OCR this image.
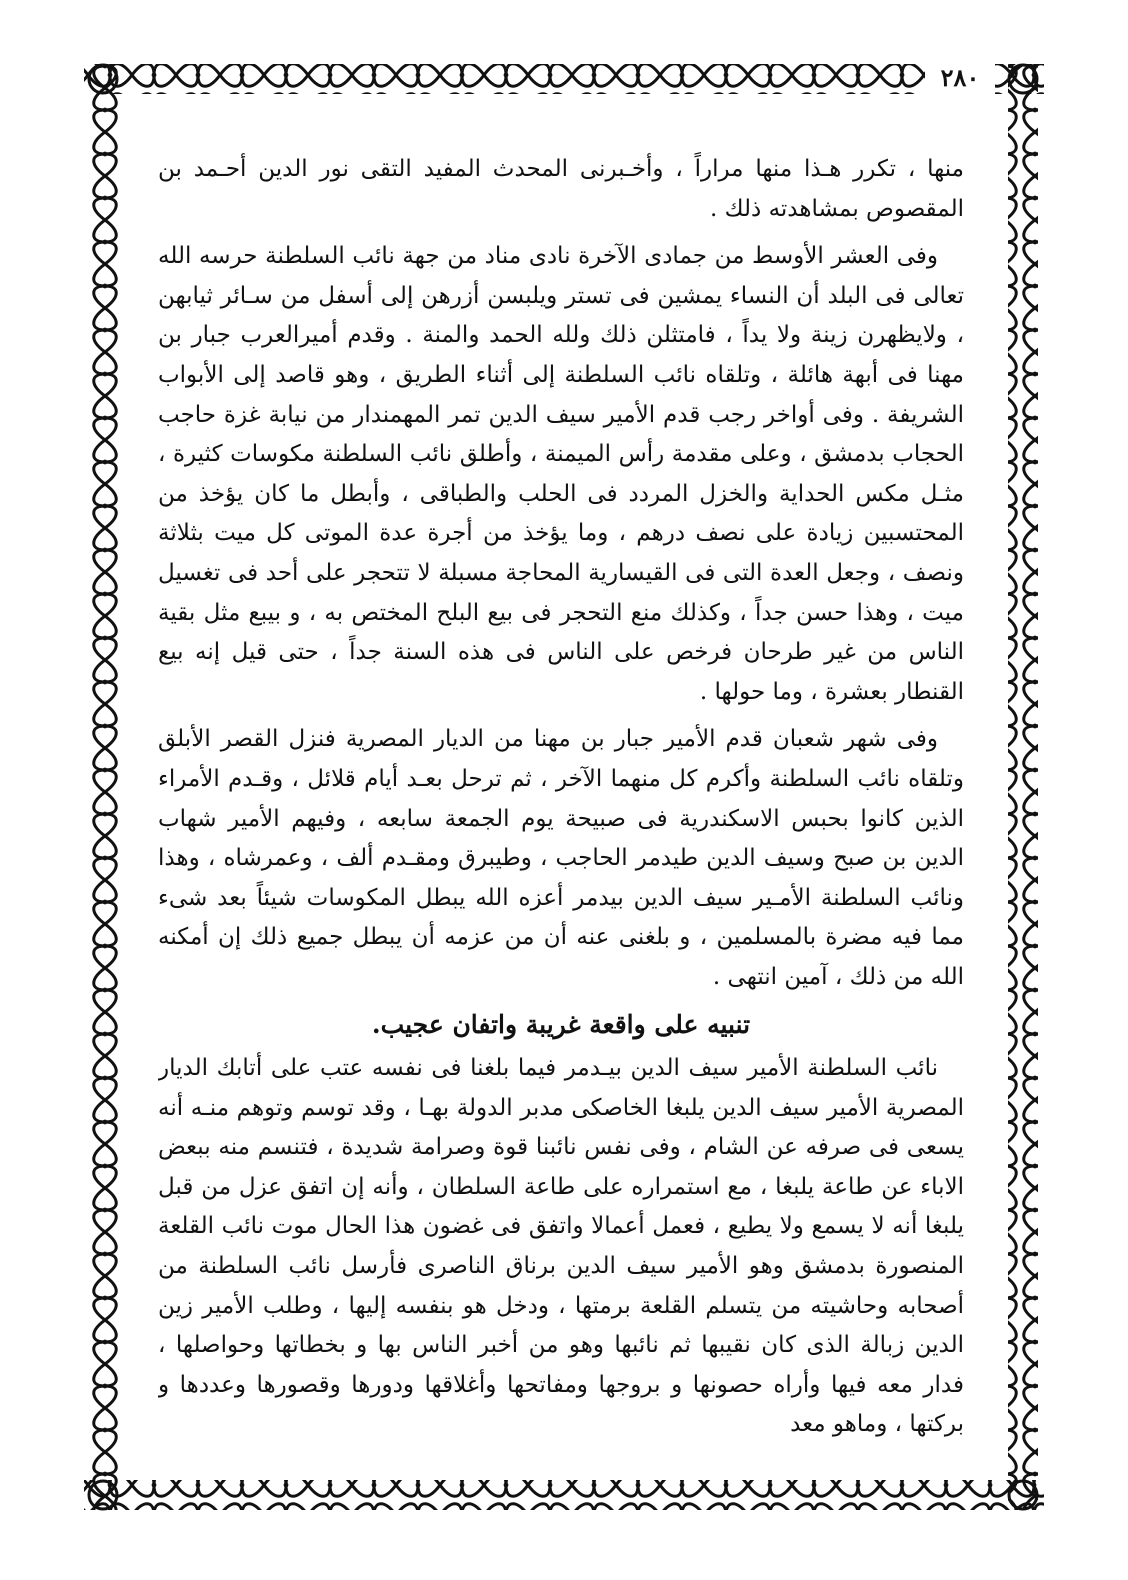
٢٨٠

منها ، تكرر هـذا منها مراراً ، وأخـبرنى المحدث المفيد التقى نور الدين أحـمد بن المقصوص بمشاهدته ذلك .

وفى العشر الأوسط من جمادى الآخرة نادى مناد من جهة نائب السلطنة حرسه الله تعالى فى البلد أن النساء يمشين فى تستر ويلبسن أزرهن إلى أسفل من سـائر ثيابهن ، ولايظهرن زينة ولا يداً ، فامتثلن ذلك ولله الحمد والمنة . وقدم أميرالعرب جبار بن مهنا فى أبهة هائلة ، وتلقاه نائب السلطنة إلى أثناء الطريق ، وهو قاصد إلى الأبواب الشريفة . وفى أواخر رجب قدم الأمير سيف الدين تمر المهمندار من نيابة غزة حاجب الحجاب بدمشق ، وعلى مقدمة رأس الميمنة ، وأطلق نائب السلطنة مكوسات كثيرة ، مثـل مكس الحداية والخزل المردد فى الحلب والطباقى ، وأبطل ما كان يؤخذ من المحتسبين زيادة على نصف درهم ، وما يؤخذ من أجرة عدة الموتى كل ميت بثلاثة ونصف ، وجعل العدة التى فى القيسارية المحاجة مسبلة لا تتحجر على أحد فى تغسيل ميت ، وهذا حسن جداً ، وكذلك منع التحجر فى بيع البلح المختص به ، و بيبع مثل بقية الناس من غير طرحان فرخص على الناس فى هذه السنة جداً ، حتى قيل إنه بيع القنطار بعشرة ، وما حولها .

وفى شهر شعبان قدم الأمير جبار بن مهنا من الديار المصرية فنزل القصر الأبلق وتلقاه نائب السلطنة وأكرم كل منهما الآخر ، ثم ترحل بعـد أيام قلائل ، وقـدم الأمراء الذين كانوا بحبس الاسكندرية فى صبيحة يوم الجمعة سابعه ، وفيهم الأمير شهاب الدين بن صبح وسيف الدين طيدمر الحاجب ، وطيبرق ومقـدم ألف ، وعمرشاه ، وهذا ونائب السلطنة الأمـير سيف الدين بيدمر أعزه الله يبطل المكوسات شيئاً بعد شىء مما فيه مضرة بالمسلمين ، و بلغنى عنه أن من عزمه أن يبطل جميع ذلك إن أمكنه الله من ذلك ، آمين انتهى .

تنبيه على واقعة غريبة واتفان عجيب.

نائب السلطنة الأمير سيف الدين بيـدمر فيما بلغنا فى نفسه عتب على أتابك الديار المصرية الأمير سيف الدين يلبغا الخاصكى مدبر الدولة بهـا ، وقد توسم وتوهم منـه أنه يسعى فى صرفه عن الشام ، وفى نفس نائبنا قوة وصرامة شديدة ، فتنسم منه ببعض الاباء عن طاعة يلبغا ، مع استمراره على طاعة السلطان ، وأنه إن اتفق عزل من قبل يلبغا أنه لا يسمع ولا يطيع ، فعمل أعمالا واتفق فى غضون هذا الحال موت نائب القلعة المنصورة بدمشق وهو الأمير سيف الدين برناق الناصرى فأرسل نائب السلطنة من أصحابه وحاشيته من يتسلم القلعة برمتها ، ودخل هو بنفسه إليها ، وطلب الأمير زين الدين زبالة الذى كان نقيبها ثم نائبها وهو من أخبر الناس بها و بخطاتها وحواصلها ، فدار معه فيها وأراه حصونها و بروجها ومفاتحها وأغلاقها ودورها وقصورها وعددها و بركتها ، وماهو معد
